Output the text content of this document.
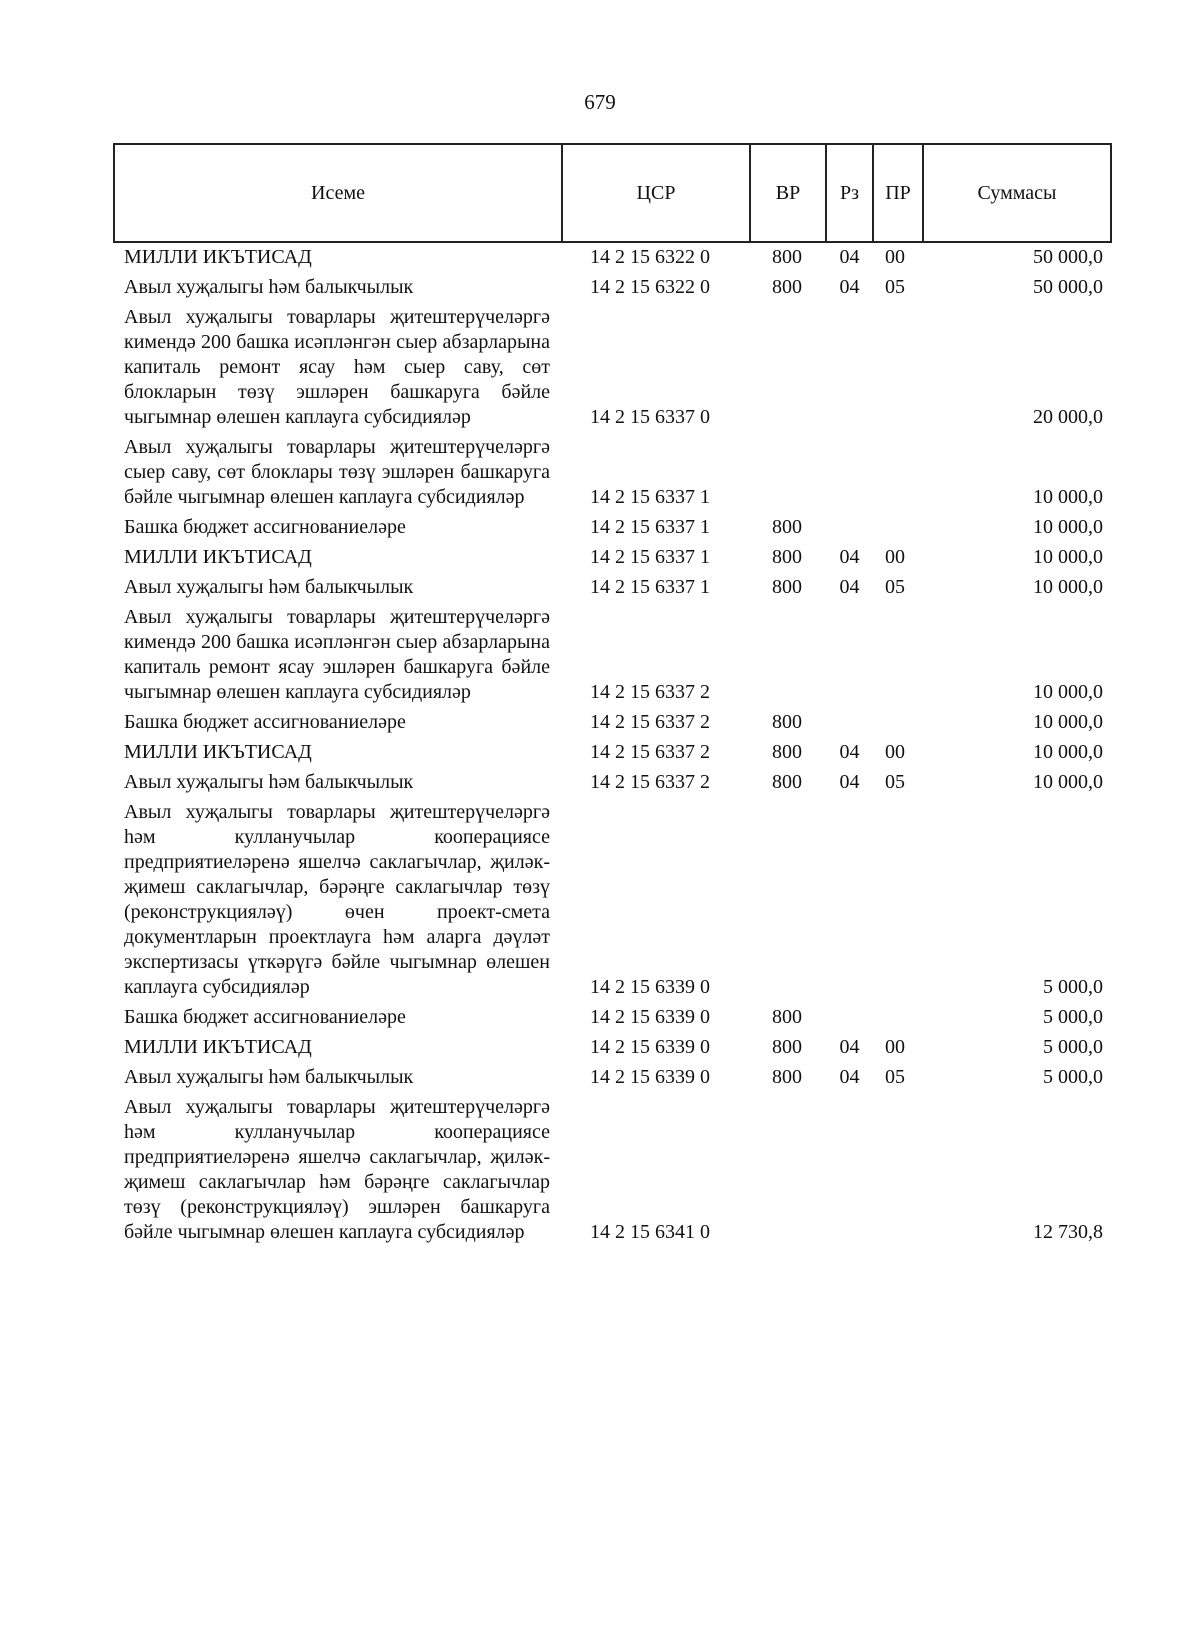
679
Исеме	ЦСР	ВР	Рз	ПР	Суммасы
МИЛЛИ ИКЪТИСАД	14 2 15 6322 0	800	04	00	50 000,0
Авыл хуҗалыгы һәм балыкчылык	14 2 15 6322 0	800	04	05	50 000,0
Авыл хуҗалыгы товарлары җитештерүчеләргә кимендә 200 башка исәпләнгән сыер абзарларына капиталь ремонт ясау һәм сыер саву, сөт блокларын төзү эшләрен башкаруга бәйле чыгымнар өлешен каплауга субсидияләр	14 2 15 6337 0				20 000,0
Авыл хуҗалыгы товарлары җитештерүчеләргә сыер саву, сөт блоклары төзү эшләрен башкаруга бәйле чыгымнар өлешен каплауга субсидияләр	14 2 15 6337 1				10 000,0
Башка бюджет ассигнованиеләре	14 2 15 6337 1	800			10 000,0
МИЛЛИ ИКЪТИСАД	14 2 15 6337 1	800	04	00	10 000,0
Авыл хуҗалыгы һәм балыкчылык	14 2 15 6337 1	800	04	05	10 000,0
Авыл хуҗалыгы товарлары җитештерүчеләргә кимендә 200 башка исәпләнгән сыер абзарларына капиталь ремонт ясау эшләрен башкаруга бәйле чыгымнар өлешен каплауга субсидияләр	14 2 15 6337 2				10 000,0
Башка бюджет ассигнованиеләре	14 2 15 6337 2	800			10 000,0
МИЛЛИ ИКЪТИСАД	14 2 15 6337 2	800	04	00	10 000,0
Авыл хуҗалыгы һәм балыкчылык	14 2 15 6337 2	800	04	05	10 000,0
Авыл хуҗалыгы товарлары җитештерүчеләргә һәм кулланучылар кооперациясе предприятиеләренә яшелчә саклагычлар, җиләк-җимеш саклагычлар, бәрәңге саклагычлар төзү (реконструкцияләү) өчен проект-смета документларын проектлауга һәм аларга дәүләт экспертизасы үткәрүгә бәйле чыгымнар өлешен каплауга субсидияләр	14 2 15 6339 0				5 000,0
Башка бюджет ассигнованиеләре	14 2 15 6339 0	800			5 000,0
МИЛЛИ ИКЪТИСАД	14 2 15 6339 0	800	04	00	5 000,0
Авыл хуҗалыгы һәм балыкчылык	14 2 15 6339 0	800	04	05	5 000,0
Авыл хуҗалыгы товарлары җитештерүчеләргә һәм кулланучылар кооперациясе предприятиеләренә яшелчә саклагычлар, җиләк-җимеш саклагычлар һәм бәрәңге саклагычлар төзү (реконструкцияләү) эшләрен башкаруга бәйле чыгымнар өлешен каплауга субсидияләр	14 2 15 6341 0				12 730,8
